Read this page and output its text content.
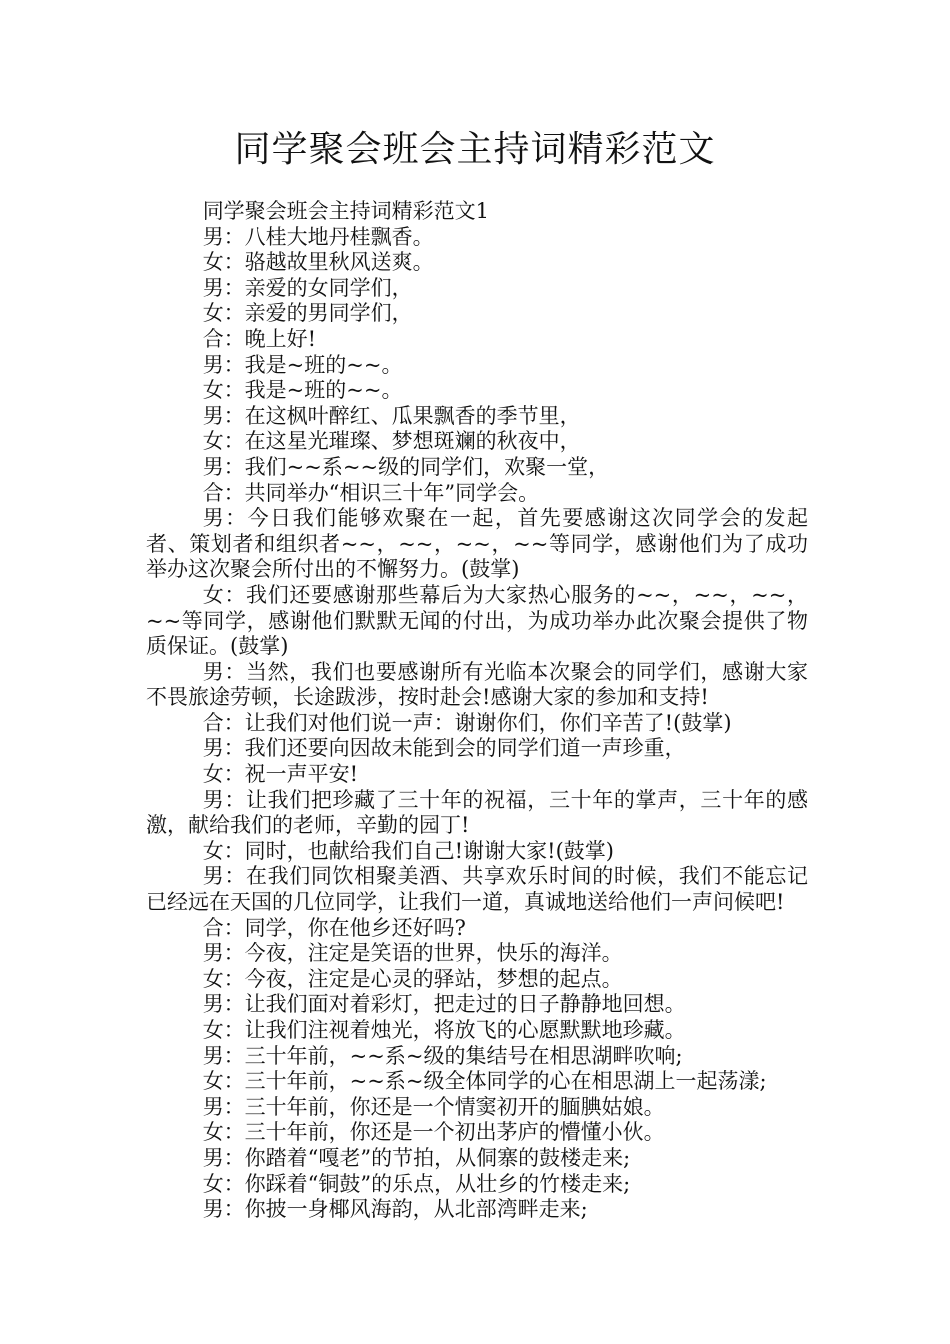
同学聚会班会主持词精彩范文

同学聚会班会主持词精彩范文1

男：八桂大地丹桂飘香。

女：骆越故里秋风送爽。

男：亲爱的女同学们，

女：亲爱的男同学们，

合：晚上好!

男：我是~班的~~。

女：我是~班的~~。

男：在这枫叶醉红、瓜果飘香的季节里，

女：在这星光璀璨、梦想斑斓的秋夜中，

男：我们~~系~~级的同学们，欢聚一堂，

合：共同举办“相识三十年”同学会。

男：今日我们能够欢聚在一起，首先要感谢这次同学会的发起者、策划者和组织者~~，~~，~~，~~等同学，感谢他们为了成功举办这次聚会所付出的不懈努力。(鼓掌)

女：我们还要感谢那些幕后为大家热心服务的~~，~~，~~，~~等同学，感谢他们默默无闻的付出，为成功举办此次聚会提供了物质保证。(鼓掌)

男：当然，我们也要感谢所有光临本次聚会的同学们，感谢大家不畏旅途劳顿，长途跋涉，按时赴会!感谢大家的参加和支持!

合：让我们对他们说一声：谢谢你们，你们辛苦了!(鼓掌)

男：我们还要向因故未能到会的同学们道一声珍重，

女：祝一声平安!

男：让我们把珍藏了三十年的祝福，三十年的掌声，三十年的感激，献给我们的老师，辛勤的园丁!

女：同时，也献给我们自己!谢谢大家!(鼓掌)

男：在我们同饮相聚美酒、共享欢乐时间的时候，我们不能忘记已经远在天国的几位同学，让我们一道，真诚地送给他们一声问候吧!

合：同学，你在他乡还好吗?

男：今夜，注定是笑语的世界，快乐的海洋。

女：今夜，注定是心灵的驿站，梦想的起点。

男：让我们面对着彩灯，把走过的日子静静地回想。

女：让我们注视着烛光，将放飞的心愿默默地珍藏。

男：三十年前，~~系~级的集结号在相思湖畔吹响;

女：三十年前，~~系~级全体同学的心在相思湖上一起荡漾;

男：三十年前，你还是一个情窦初开的腼腆姑娘。

女：三十年前，你还是一个初出茅庐的懵懂小伙。

男：你踏着“嘎老”的节拍，从侗寨的鼓楼走来;

女：你踩着“铜鼓”的乐点，从壮乡的竹楼走来;

男：你披一身椰风海韵，从北部湾畔走来;
